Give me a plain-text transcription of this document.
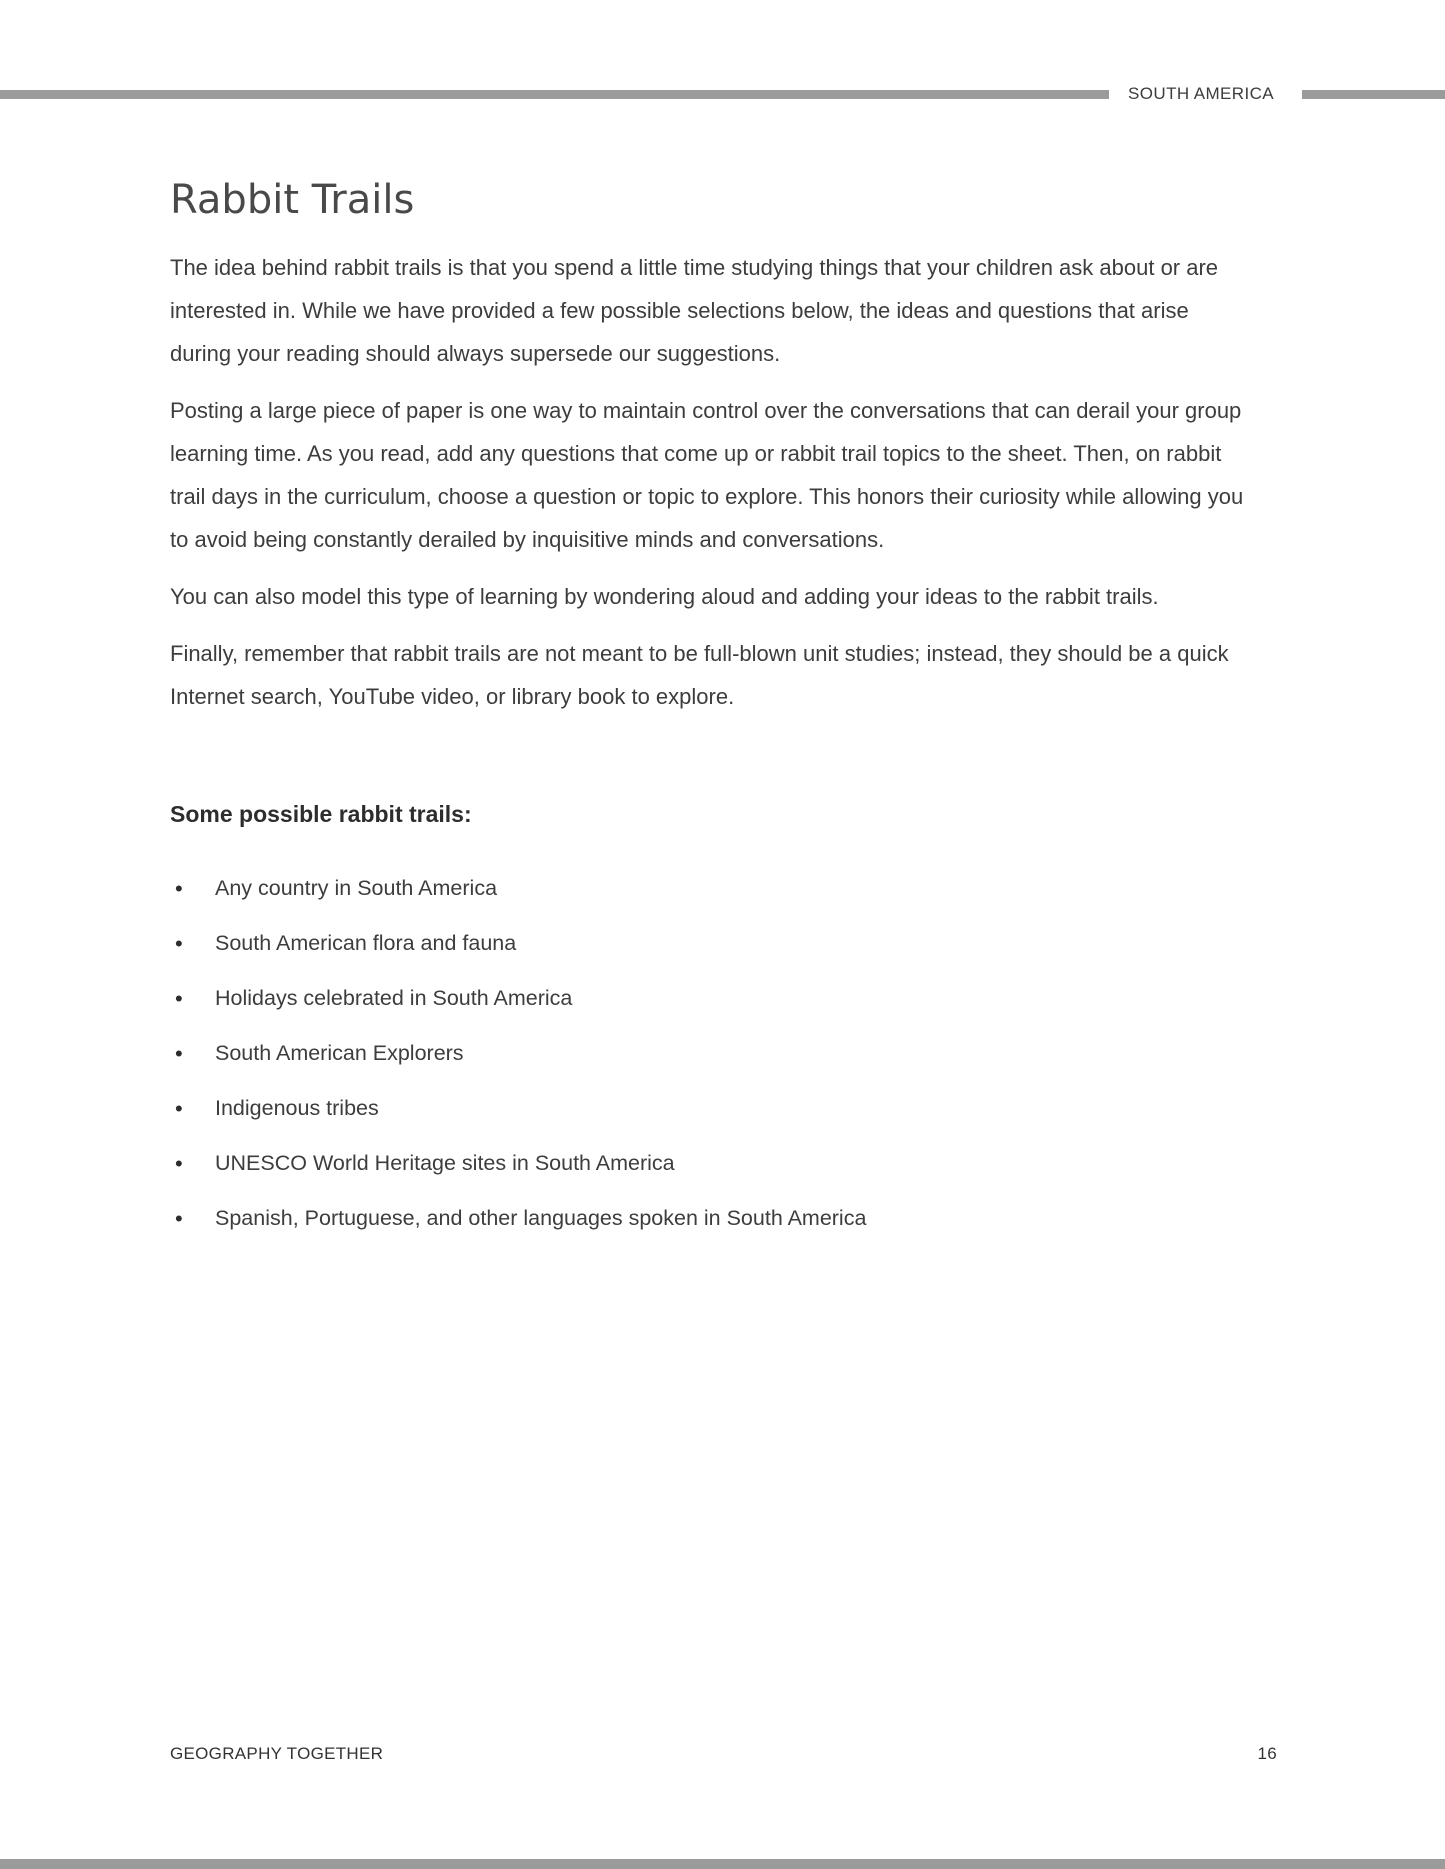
SOUTH AMERICA
Rabbit Trails

The idea behind rabbit trails is that you spend a little time studying things that your children ask about or are interested in. While we have provided a few possible selections below, the ideas and questions that arise during your reading should always supersede our suggestions.

Posting a large piece of paper is one way to maintain control over the conversations that can derail your group learning time. As you read, add any questions that come up or rabbit trail topics to the sheet. Then, on rabbit trail days in the curriculum, choose a question or topic to explore. This honors their curiosity while allowing you to avoid being constantly derailed by inquisitive minds and conversations.

You can also model this type of learning by wondering aloud and adding your ideas to the rabbit trails.

Finally, remember that rabbit trails are not meant to be full-blown unit studies; instead, they should be a quick Internet search, YouTube video, or library book to explore.

Some possible rabbit trails:
• Any country in South America
• South American flora and fauna
• Holidays celebrated in South America
• South American Explorers
• Indigenous tribes
• UNESCO World Heritage sites in South America
• Spanish, Portuguese, and other languages spoken in South America
GEOGRAPHY TOGETHER	16
